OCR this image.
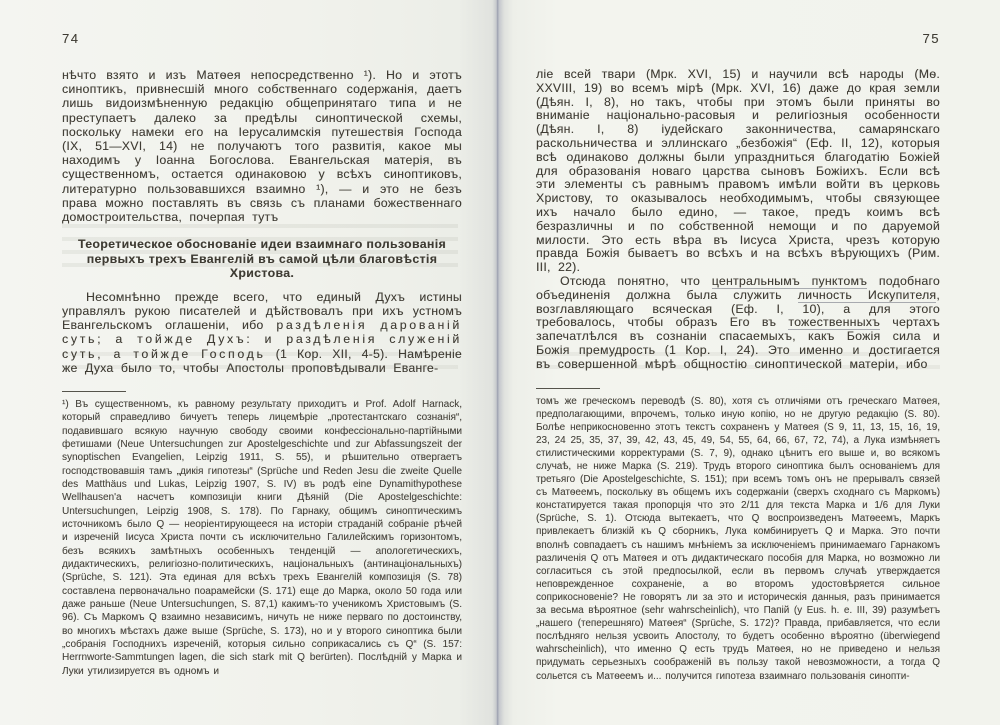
74

нѣчто взято и изъ Матѳея непосредственно ¹). Но и этотъ синоптикъ, привнесшій много собственнаго содержанія, даетъ лишь видоизмѣненную редакцію общепринятаго типа и не преступаетъ далеко за предѣлы синоптической схемы, поскольку намеки его на Іерусалимскія путешествія Господа (IX, 51—XVI, 14) не получаютъ того развитія, какое мы находимъ у Іоанна Богослова. Евангельская матерія, въ существенномъ, остается одинаковою у всѣхъ синоптиковъ, литературно пользовавшихся взаимно ¹), — и это не безъ права можно поставлять въ связь съ планами божественнаго домостроительства, почерпая тутъ

Теоретическое обоснованіе идеи взаимнаго пользованія первыхъ трехъ Евангелій въ самой цѣли благовѣстія Христова.

Несомнѣнно прежде всего, что единый Духъ истины управлялъ рукою писателей и дѣйствовалъ при ихъ устномъ Евангельскомъ оглашеніи, ибо раздѣленія дарованій суть; а тойжде Духъ: и раздѣленія служеній суть, а тойжде Господь (1 Кор. XII, 4-5). Намѣреніе же Духа было то, чтобы Апостолы проповѣдывали Еванге-

¹) Въ существенномъ, къ равному результату приходитъ и Prof. Adolf Harnack, который справедливо бичуетъ теперь лицемѣріе „протестантскаго сознанія“, подавившаго всякую научную свободу своими конфессіонально-партійными фетишами (Neue Untersuchungen zur Apostelgeschichte und zur Abfassungszeit der synoptischen Evangelien, Leipzig 1911, S. 55), и рѣшительно отвергаетъ господствовавшія тамъ „дикія гипотезы“ (Sprüche und Reden Jesu die zweite Quelle des Matthäus und Lukas, Leipzig 1907, S. IV) въ родѣ eine Dynamithypothese Wellhausen'а насчетъ композиціи книги Дѣяній (Die Apostelgeschichte: Untersuchungen, Leipzig 1908, S. 178). По Гарнаку, общимъ синоптическимъ источникомъ было Q — неоріентирующееся на исторіи страданій собраніе рѣчей и изреченій Іисуса Христа почти съ исключительно Галилейскимъ горизонтомъ, безъ всякихъ замѣтныхъ особенныхъ тенденцій — апологетическихъ, дидактическихъ, религіозно-политическихъ, національныхъ (антинаціональныхъ) (Sprüche, S. 121). Эта единая для всѣхъ трехъ Евангелій композиція (S. 78) составлена первоначально поарамейски (S. 171) еще до Марка, около 50 года или даже раньше (Neue Untersuchungen, S. 87,1) какимъ-то ученикомъ Христовымъ (S. 96). Съ Маркомъ Q взаимно независимъ, ничуть не ниже перваго по достоинству, во многихъ мѣстахъ даже выше (Sprüche, S. 173), но и у второго синоптика были „собранія Господнихъ изреченій, которыя сильно соприкасались съ Q“ (S. 157: Herrnworte-Sammtungen lagen, die sich stark mit Q berürten). Послѣдній у Марка и Луки утилизируется въ одномъ и

75

ліе всей твари (Мрк. XVI, 15) и научили всѣ народы (Мѳ. XXVIII, 19) во всемъ мірѣ (Мрк. XVI, 16) даже до края земли (Дѣян. I, 8), но такъ, чтобы при этомъ были приняты во вниманіе національно-расовыя и религіозныя особенности (Дѣян. I, 8) іудейскаго законничества, самарянскаго раскольничества и эллинскаго „безбожія“ (Еф. II, 12), которыя всѣ одинаково должны были упраздниться благодатію Божіей для образованія новаго царства сыновъ Божіихъ. Если всѣ эти элементы съ равнымъ правомъ имѣли войти въ церковь Христову, то оказывалось необходимымъ, чтобы связующее ихъ начало было едино, — такое, предъ коимъ всѣ безразличны и по собственной немощи и по даруемой милости. Это есть вѣра въ Іисуса Христа, чрезъ которую правда Божія бываетъ во всѣхъ и на всѣхъ вѣрующихъ (Рим. III, 22).

Отсюда понятно, что центральнымъ пунктомъ подобнаго объединенія должна была служить личность Искупителя, возглавляющаго всяческая (Еф. I, 10), а для этого требовалось, чтобы образъ Его въ тожественныхъ чертахъ запечатлѣлся въ сознаніи спасаемыхъ, какъ Божія сила и Божія премудрость (1 Кор. I, 24). Это именно и достигается въ совершенной мѣрѣ общностію синоптической матеріи, ибо

томъ же греческомъ переводѣ (S. 80), хотя съ отличіями отъ греческаго Матѳея, предполагающими, впрочемъ, только иную копію, но не другую редакцію (S. 80). Болѣе неприкосновенно этотъ текстъ сохраненъ у Матѳея (S 9, 11, 13, 15, 16, 19, 23, 24 25, 35, 37, 39, 42, 43, 45, 49, 54, 55, 64, 66, 67, 72, 74), а Лука измѣняетъ стилистическими корректурами (S. 7, 9), однако цѣнитъ его выше и, во всякомъ случаѣ, не ниже Марка (S. 219). Трудъ второго синоптика былъ основаніемъ для третьяго (Die Apostelgeschichte, S. 151); при всемъ томъ онъ не прерывалъ связей съ Матѳеемъ, поскольку въ общемъ ихъ содержаніи (сверхъ сходнаго съ Маркомъ) констатируется такая пропорція что это 2/11 для текста Марка и 1/6 для Луки (Sprüche, S. 1). Отсюда вытекаетъ, что Q воспроизведенъ Матѳеемъ, Маркъ привлекаетъ близкій къ Q сборникъ, Лука комбинируетъ Q и Марка. Это почти вполнѣ совпадаетъ съ нашимъ мнѣніемъ за исключеніемъ принимаемаго Гарнакомъ различенія Q отъ Матѳея и отъ дидактическаго пособія для Марка, но возможно ли согласиться съ этой предпосылкой, если въ первомъ случаѣ утверждается неповрежденное сохраненіе, а во второмъ удостовѣряется сильное соприкосновеніе? Не говорятъ ли за это и историческія данныя, разъ принимается за весьма вѣроятное (sehr wahrscheinlich), что Папій (у Eus. h. e. III, 39) разумѣетъ „нашего (теперешняго) Матѳея“ (Sprüche, S. 172)? Правда, прибавляется, что если послѣдняго нельзя усвоить Апостолу, то будетъ особенно вѣроятно (überwiegend wahrscheinlich), что именно Q есть трудъ Матѳея, но не приведено и нельзя придумать серьезныхъ соображеній въ пользу такой невозможности, а тогда Q сольется съ Матѳеемъ и... получится гипотеза взаимнаго пользованія синопти-
